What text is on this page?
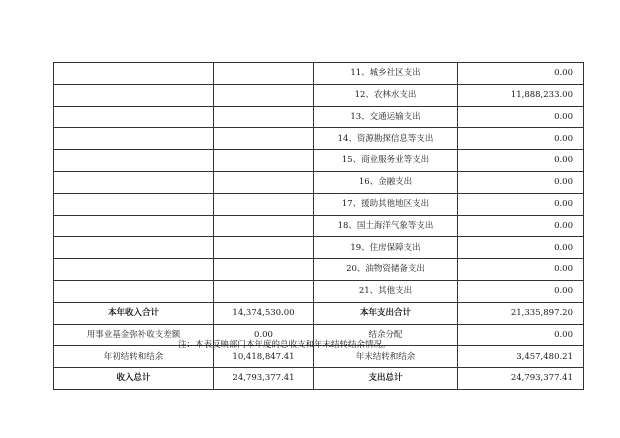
		11、城乡社区支出	0.00
		12、农林水支出	11,888,233.00
		13、交通运输支出	0.00
		14、资源勘探信息等支出	0.00
		15、商业服务业等支出	0.00
		16、金融支出	0.00
		17、援助其他地区支出	0.00
		18、国土海洋气象等支出	0.00
		19、住房保障支出	0.00
		20、油物资储备支出	0.00
		21、其他支出	0.00
本年收入合计	14,374,530.00	本年支出合计	21,335,897.20
用事业基金弥补收支差额	0.00	结余分配	0.00
年初结转和结余	10,418,847.41	年末结转和结余	3,457,480.21
收入总计	24,793,377.41	支出总计	24,793,377.41
注：本表反映部门本年度的总收支和年末结转结余情况。
